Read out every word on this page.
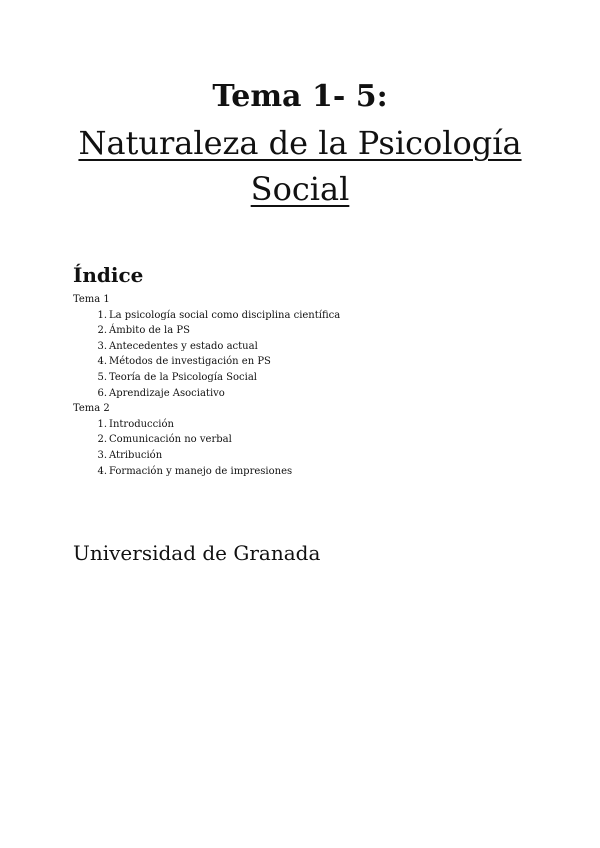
Tema 1- 5:
Naturaleza de la Psicología
Social
Índice

Tema 1

1. La psicología social como disciplina científica
2. Ámbito de la PS
3. Antecedentes y estado actual
4. Métodos de investigación en PS
5. Teoría de la Psicología Social
6. Aprendizaje Asociativo

Tema 2

1. Introducción
2. Comunicación no verbal
3. Atribución
4. Formación y manejo de impresiones

Universidad de Granada
